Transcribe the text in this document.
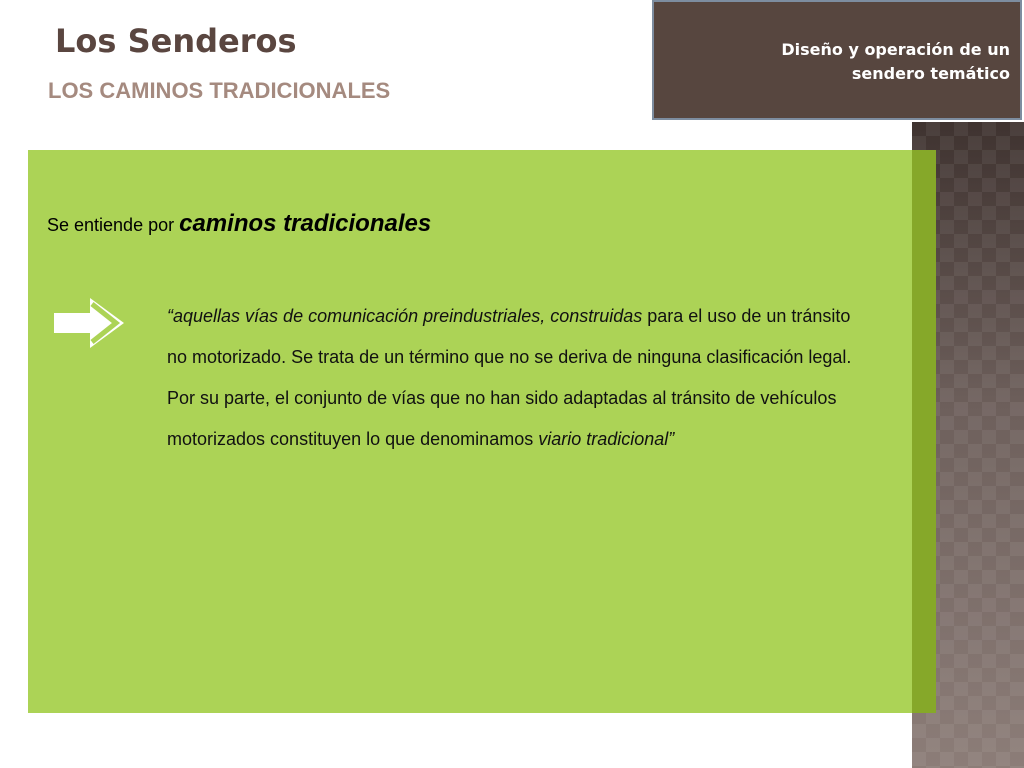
Diseño y operación de un
sendero temático
Los Senderos
LOS CAMINOS TRADICIONALES
Se entiende por caminos tradicionales
“aquellas vías de comunicación preindustriales, construidas para el uso de un tránsito no motorizado. Se trata de un término que no se deriva de ninguna clasificación legal. Por su parte, el conjunto de vías que no han sido adaptadas al tránsito de vehículos motorizados constituyen lo que denominamos viario tradicional”
